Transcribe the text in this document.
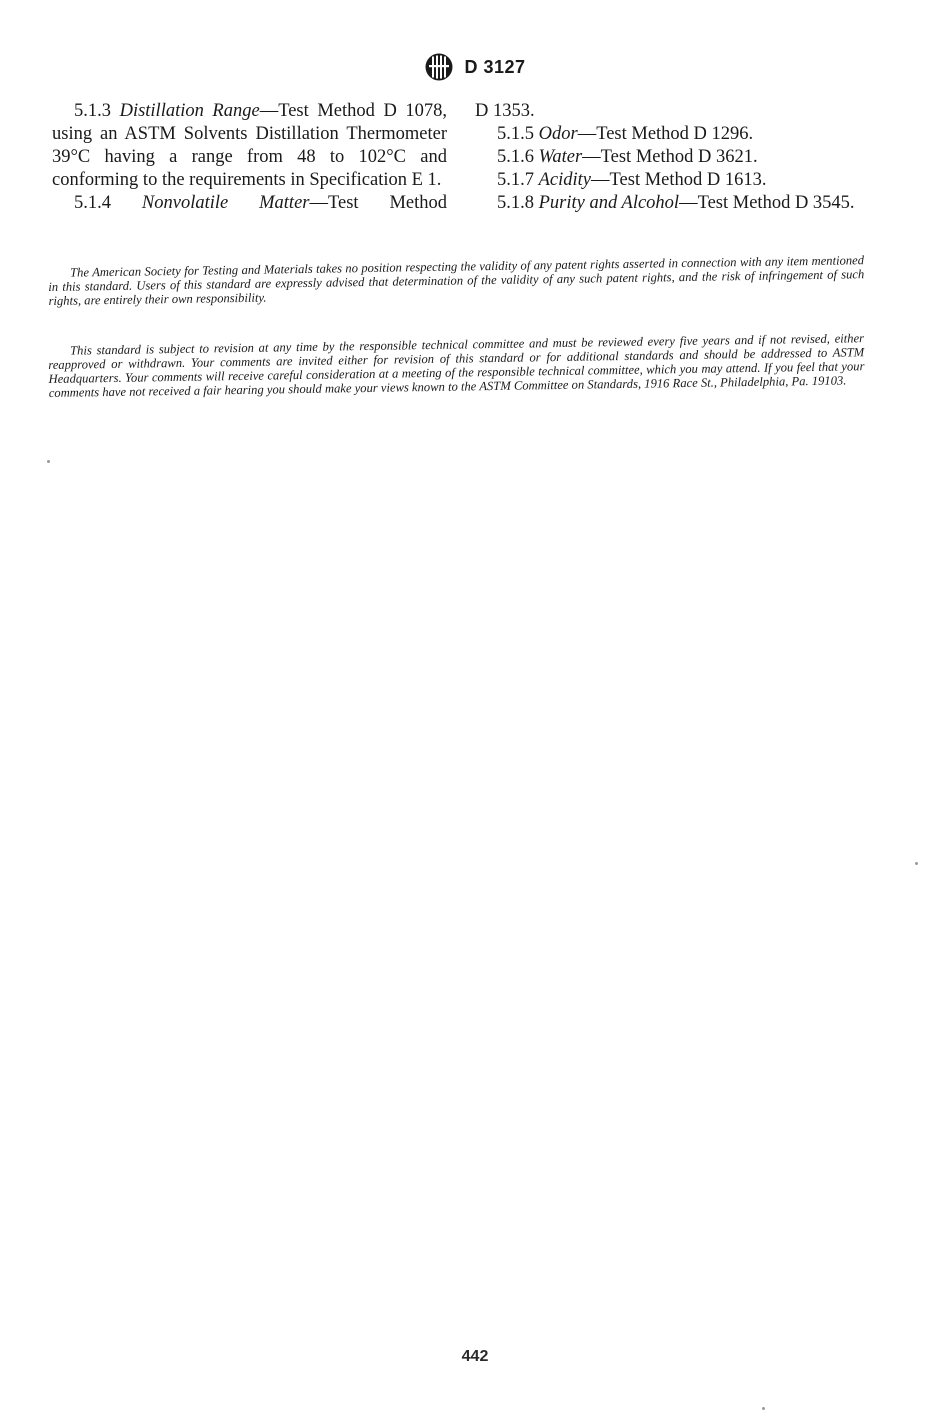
D 3127

5.1.3 Distillation Range—Test Method D 1078, using an ASTM Solvents Distillation Thermometer 39°C having a range from 48 to 102°C and conforming to the requirements in Specification E 1.

5.1.4 Nonvolatile Matter—Test Method

D 1353.

5.1.5 Odor—Test Method D 1296.

5.1.6 Water—Test Method D 3621.

5.1.7 Acidity—Test Method D 1613.

5.1.8 Purity and Alcohol—Test Method D 3545.

The American Society for Testing and Materials takes no position respecting the validity of any patent rights asserted in connection with any item mentioned in this standard. Users of this standard are expressly advised that determination of the validity of any such patent rights, and the risk of infringement of such rights, are entirely their own responsibility.

This standard is subject to revision at any time by the responsible technical committee and must be reviewed every five years and if not revised, either reapproved or withdrawn. Your comments are invited either for revision of this standard or for additional standards and should be addressed to ASTM Headquarters. Your comments will receive careful consideration at a meeting of the responsible technical committee, which you may attend. If you feel that your comments have not received a fair hearing you should make your views known to the ASTM Committee on Standards, 1916 Race St., Philadelphia, Pa. 19103.

442
